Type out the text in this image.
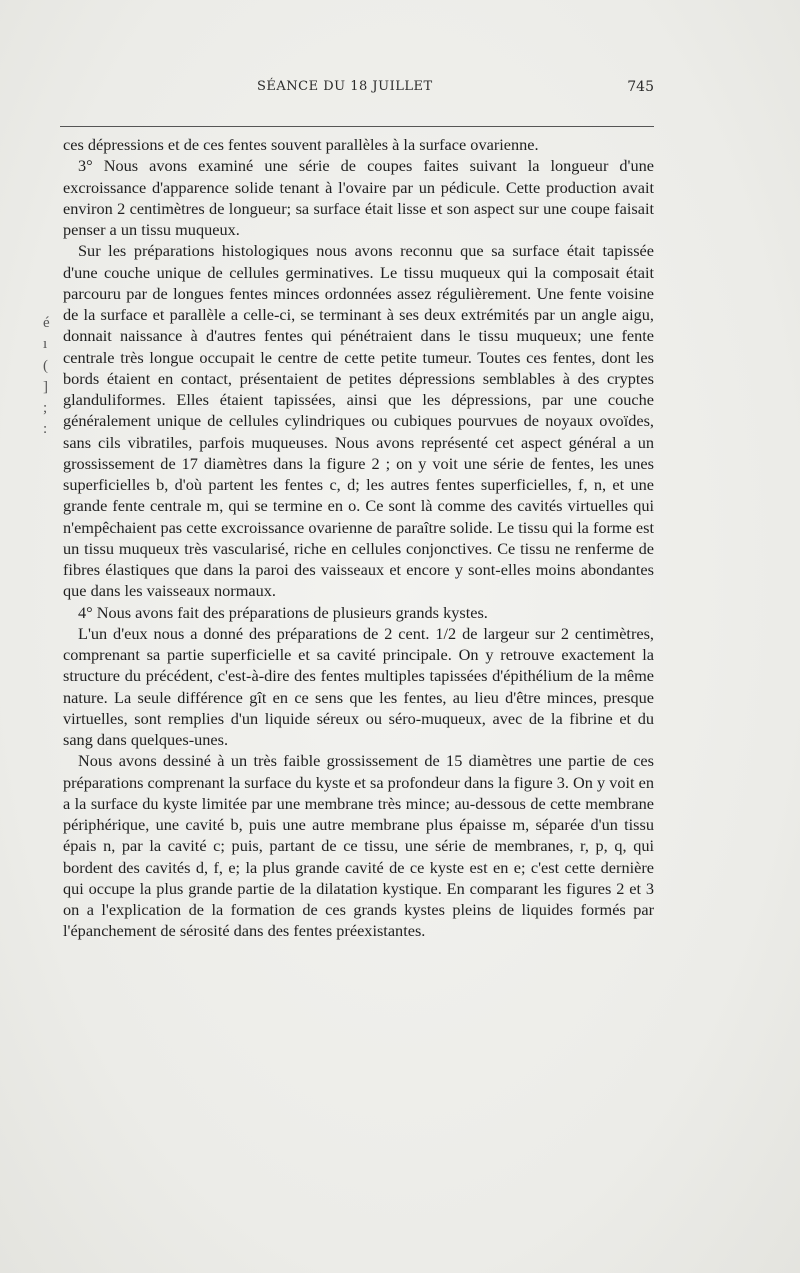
SÉANCE DU 18 JUILLET	745
é
ı
(
]
;
:

ces dépressions et de ces fentes souvent parallèles à la surface ovarienne.

3° Nous avons examiné une série de coupes faites suivant la longueur d'une excroissance d'apparence solide tenant à l'ovaire par un pédicule. Cette production avait environ 2 centimètres de longueur; sa surface était lisse et son aspect sur une coupe faisait penser a un tissu muqueux.

Sur les préparations histologiques nous avons reconnu que sa surface était tapissée d'une couche unique de cellules germinatives. Le tissu muqueux qui la composait était parcouru par de longues fentes minces ordonnées assez régulièrement. Une fente voisine de la surface et parallèle a celle-ci, se terminant à ses deux extrémités par un angle aigu, donnait naissance à d'autres fentes qui pénétraient dans le tissu muqueux; une fente centrale très longue occupait le centre de cette petite tumeur. Toutes ces fentes, dont les bords étaient en contact, présentaient de petites dépressions semblables à des cryptes glanduliformes. Elles étaient tapissées, ainsi que les dépressions, par une couche généralement unique de cellules cylindriques ou cubiques pourvues de noyaux ovoïdes, sans cils vibratiles, parfois muqueuses. Nous avons représenté cet aspect général a un grossissement de 17 diamètres dans la figure 2 ; on y voit une série de fentes, les unes superficielles b, d'où partent les fentes c, d; les autres fentes superficielles, f, n, et une grande fente centrale m, qui se termine en o. Ce sont là comme des cavités virtuelles qui n'empêchaient pas cette excroissance ovarienne de paraître solide. Le tissu qui la forme est un tissu muqueux très vascularisé, riche en cellules conjonctives. Ce tissu ne renferme de fibres élastiques que dans la paroi des vaisseaux et encore y sont-elles moins abondantes que dans les vaisseaux normaux.

4° Nous avons fait des préparations de plusieurs grands kystes.

L'un d'eux nous a donné des préparations de 2 cent. 1/2 de largeur sur 2 centimètres, comprenant sa partie superficielle et sa cavité principale. On y retrouve exactement la structure du précédent, c'est-à-dire des fentes multiples tapissées d'épithélium de la même nature. La seule différence gît en ce sens que les fentes, au lieu d'être minces, presque virtuelles, sont remplies d'un liquide séreux ou séro-muqueux, avec de la fibrine et du sang dans quelques-unes.

Nous avons dessiné à un très faible grossissement de 15 diamètres une partie de ces préparations comprenant la surface du kyste et sa profondeur dans la figure 3. On y voit en a la surface du kyste limitée par une membrane très mince; au-dessous de cette membrane périphérique, une cavité b, puis une autre membrane plus épaisse m, séparée d'un tissu épais n, par la cavité c; puis, partant de ce tissu, une série de membranes, r, p, q, qui bordent des cavités d, f, e; la plus grande cavité de ce kyste est en e; c'est cette dernière qui occupe la plus grande partie de la dilatation kystique. En comparant les figures 2 et 3 on a l'explication de la formation de ces grands kystes pleins de liquides formés par l'épanchement de sérosité dans des fentes préexistantes.
